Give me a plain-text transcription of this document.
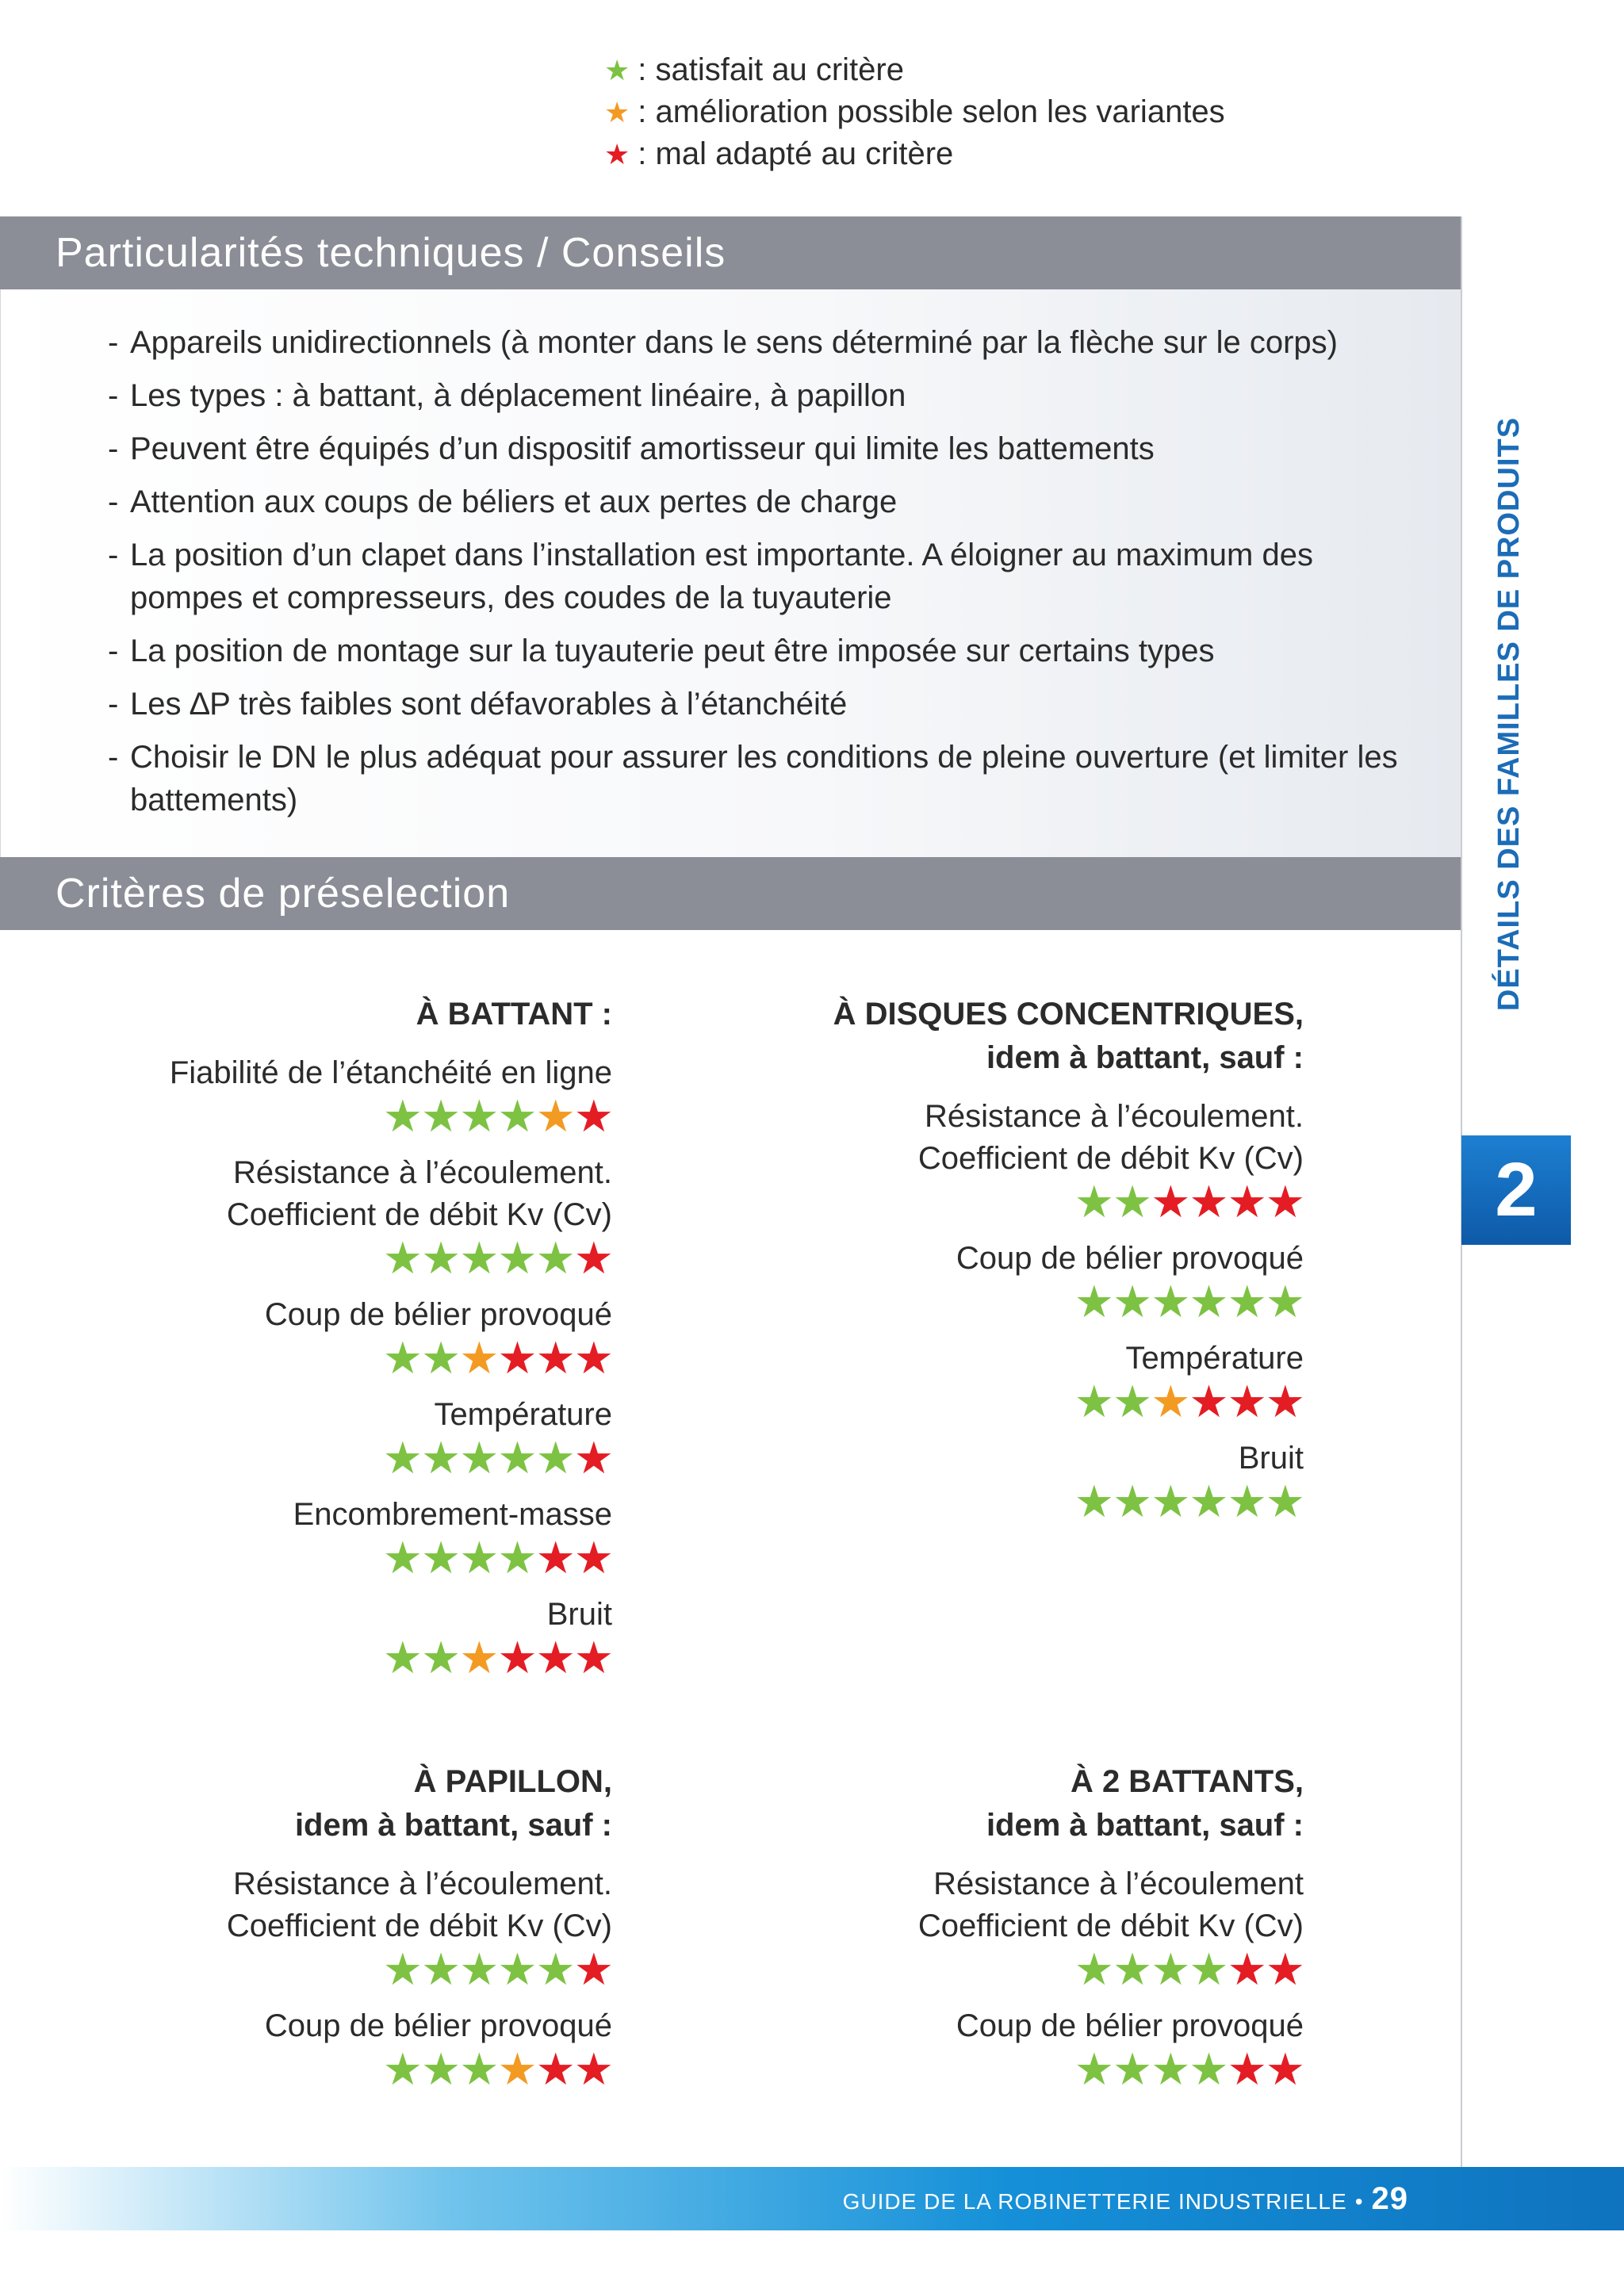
★ : satisfait au critère
★ : amélioration possible selon les variantes
★ : mal adapté au critère
Particularités techniques / Conseils
- Appareils unidirectionnels (à monter dans le sens déterminé par la flèche sur le corps)
- Les types : à battant, à déplacement linéaire, à papillon
- Peuvent être équipés d’un dispositif amortisseur qui limite les battements
- Attention aux coups de béliers et aux pertes de charge
- La position d’un clapet dans l’installation est importante. A éloigner au maximum des pompes et compresseurs, des coudes de la tuyauterie
- La position de montage sur la tuyauterie peut être imposée sur certains types
- Les ∆P très faibles sont défavorables à l’étanchéité
- Choisir le DN le plus adéquat pour assurer les conditions de pleine ouverture (et limiter les battements)
Critères de préselection
À BATTANT :
Fiabilité de l’étanchéité en ligne
★★★★★★
Résistance à l’écoulement.
Coefficient de débit Kv (Cv)
★★★★★★
Coup de bélier provoqué
★★★★★★
Température
★★★★★★
Encombrement-masse
★★★★★★
Bruit
★★★★★★
À DISQUES CONCENTRIQUES,
idem à battant, sauf :
Résistance à l’écoulement.
Coefficient de débit Kv (Cv)
★★★★★★
Coup de bélier provoqué
★★★★★★
Température
★★★★★★
Bruit
★★★★★★
À PAPILLON,
idem à battant, sauf :
Résistance à l’écoulement.
Coefficient de débit Kv (Cv)
★★★★★★
Coup de bélier provoqué
★★★★★★
À 2 BATTANTS,
idem à battant, sauf :
Résistance à l’écoulement
Coefficient de débit Kv (Cv)
★★★★★★
Coup de bélier provoqué
★★★★★★
DÉTAILS DES FAMILLES DE PRODUITS
2
GUIDE DE LA ROBINETTERIE INDUSTRIELLE • 29
